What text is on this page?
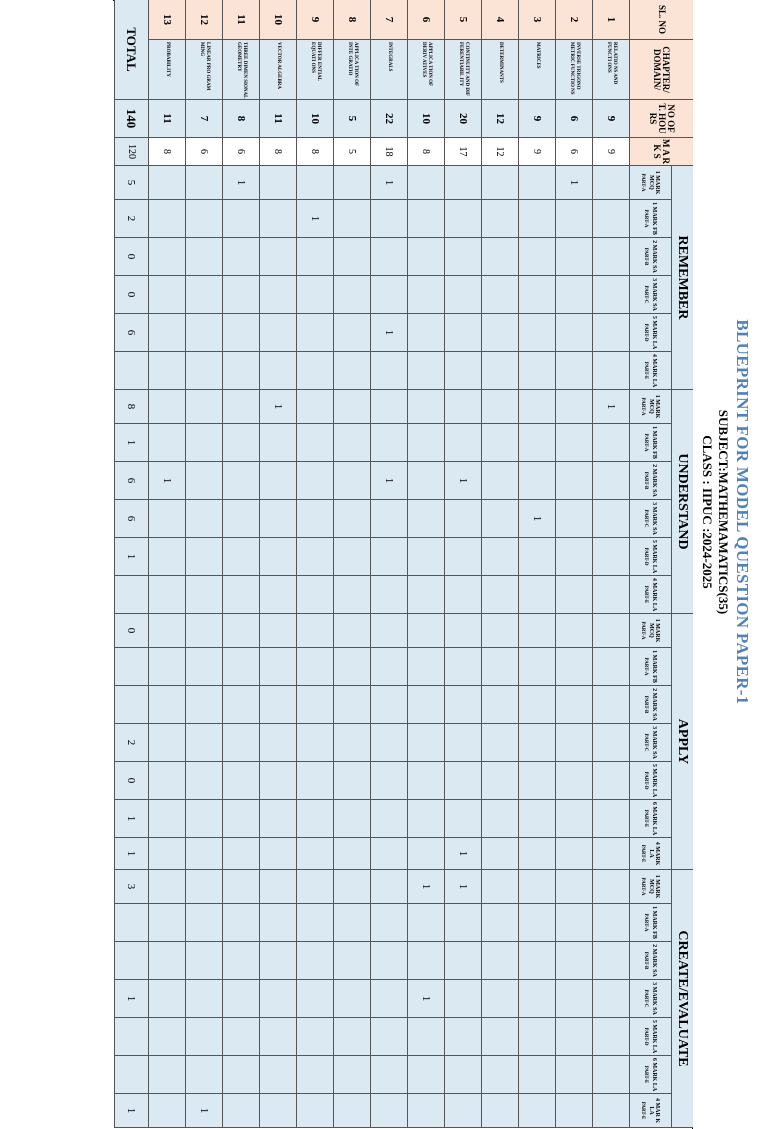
BLUEPRINT FOR MODEL QUESTION PAPER-1
SUBJECT:MATHEMAMATICS(35)
CLASS : IIPUC :2024-2025
SL. NO
CHAPTER/ DOMAIN/
NO OF T. HOU RS
M A R K S
REMEMBER
UNDERSTAND
APPLY
CREATE/EVALUATE
1 MARK MCQ
PART-A
1 MARK FB
PART-A
2 MARK SA
PART-B
3 MARK SA
PART-C
5 MARK LA
PART-D
4 MARK LA
PART-E
1 MARK MCQ
PART-A
1 MARK FB
PART-A
2 MARK SA
PART-B
3 MARK SA
PART-C
5 MARK LA
PART-D
4 MARK LA
PART-E
1 MARK MCQ
PART-A
1 MARK FB
PART-A
2 MARK SA
PART-B
3 MARK SA
PART-C
5 MARK LA
PART-D
6 MARK LA
PART-E
4 MARK LA
PART-E
1 MARK MCQ
PART-A
1 MARK FB
PART-A
2 MARK SA
PART-B
3 MARK SA
PART-C
5 MARK LA
PART-D
6 MARK LA
PART-E
4 MAR K LA
PART-E
1
RELATIO NS AND FUNCTI ONS
9
9
1
2
INVERSE TRIGONO METRIC FUNCTIO NS
6
6
1
3
MATRICES
9
9
1
4
DETERMINANTS
12
12
5
CONTINUITY AND DIF FERENTIABIL ITY
20
17
1
1
1
6
APPLICA TION OF DERIV ATIVES
10
8
1
1
7
INTEGRALS
22
18
1
1
1
8
APPLICA TION OF INTE GRATIO
5
5
9
DIFFER ENTIAL EQUATI ONS
10
8
1
10
VECTOR ALGEBRA
11
8
1
11
THREE DIMEN SIONAL GEOMETRY
8
6
1
12
LINEAR PRO GRAM MING
7
6
1
13
PROBABILITY
11
8
1
TOTAL
140
120
5
2
0
0
6
8
1
6
6
1
0
2
0
1
1
3
1
1
